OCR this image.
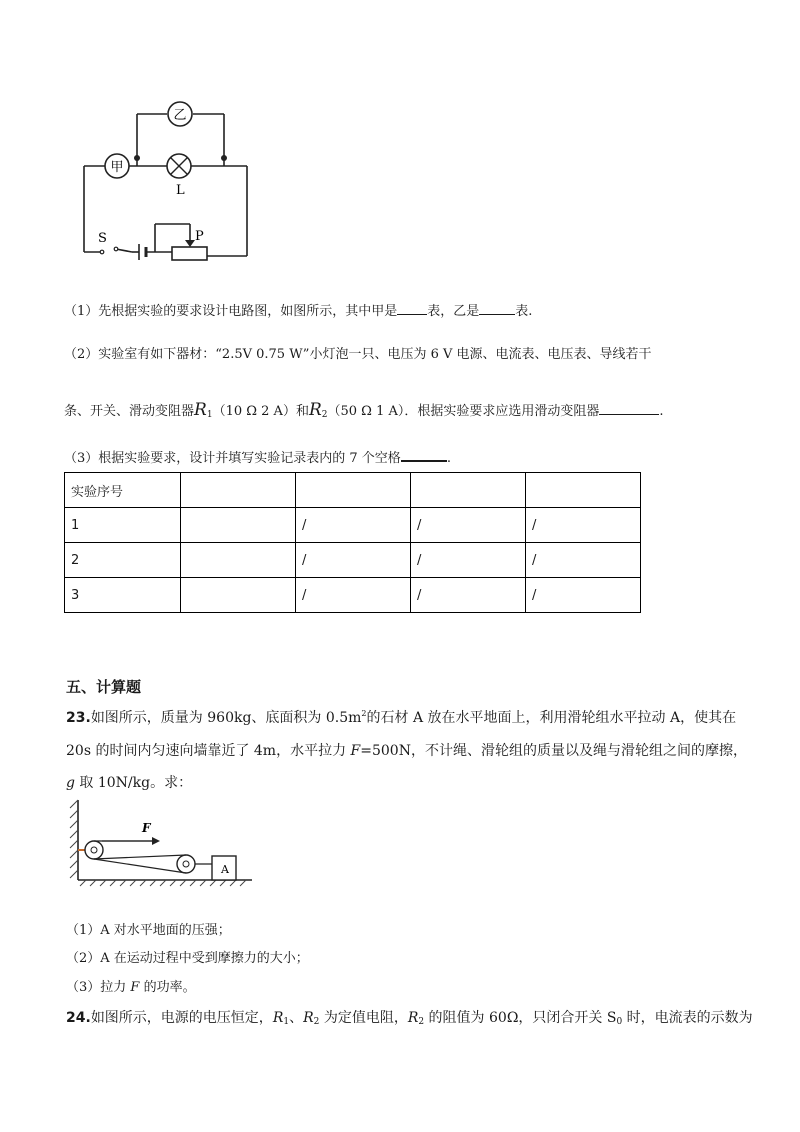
甲
乙
L
S	P
（1）先根据实验的要求设计电路图，如图所示，其中甲是 表，乙是	表.
（2）实验室有如下器材：“2.5V 0.75 W”小灯泡一只、电压为 6 V 电源、电流表、电压表、导线若干
条、开关、滑动变阻器$R_1(10$ Ω 2 A）和$R_2(50$ Ω 1 A）．根据实验要求应选用滑动变阻器	.
（3）根据实验要求，设计并填写实验记录表内的 7 个空格	.
实验序号				
1		/	/	/
2		/	/	/
3		/	/	/
五、计算题
23.如图所示，质量为 960kg、底面积为 $0.5m^2$的石材 A 放在水平地面上，利用滑轮组水平拉动 A，使其在
20s 的时间内匀速向墙靠近了 4m，水平拉力 F=500N，不计绳、滑轮组的质量以及绳与滑轮组之间的摩擦，
g 取 10N/kg。求：
F
A
（1）A 对水平地面的压强；
（2）A 在运动过程中受到摩擦力的大小；
（3）拉力 F 的功率。
24.如图所示，电源的电压恒定，$R_1$、$R_2$ 为定值电阻，$R_2$ 的阻值为 60Ω，只闭合开关 $S_0$ 时，电流表的示数为
